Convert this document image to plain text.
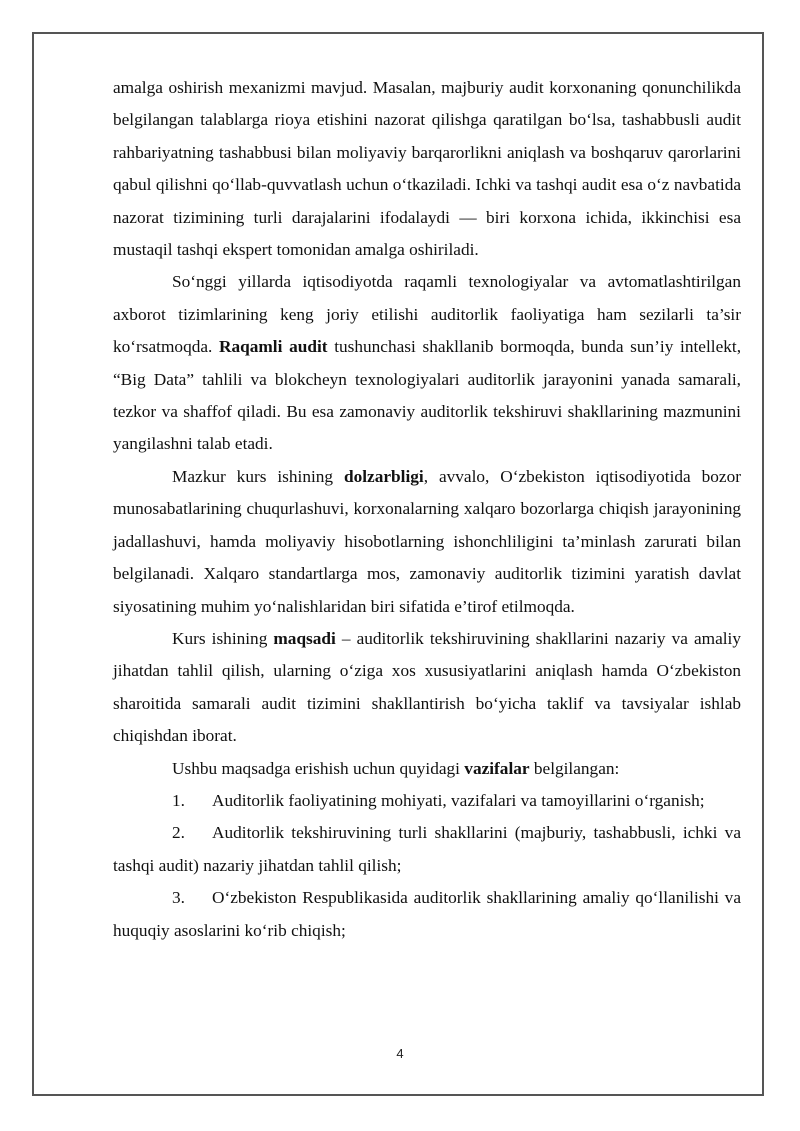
amalga oshirish mexanizmi mavjud. Masalan, majburiy audit korxonaning qonunchilikda belgilangan talablarga rioya etishini nazorat qilishga qaratilgan bo‘lsa, tashabbusli audit rahbariyatning tashabbusi bilan moliyaviy barqarorlikni aniqlash va boshqaruv qarorlarini qabul qilishni qo‘llab-quvvatlash uchun o‘tkaziladi. Ichki va tashqi audit esa o‘z navbatida nazorat tizimining turli darajalarini ifodalaydi — biri korxona ichida, ikkinchisi esa mustaqil tashqi ekspert tomonidan amalga oshiriladi.

So‘nggi yillarda iqtisodiyotda raqamli texnologiyalar va avtomatlashtirilgan axborot tizimlarining keng joriy etilishi auditorlik faoliyatiga ham sezilarli ta’sir ko‘rsatmoqda. Raqamli audit tushunchasi shakllanib bormoqda, bunda sun’iy intellekt, “Big Data” tahlili va blokcheyn texnologiyalari auditorlik jarayonini yanada samarali, tezkor va shaffof qiladi. Bu esa zamonaviy auditorlik tekshiruvi shakllarining mazmunini yangilashni talab etadi.

Mazkur kurs ishining dolzarbligi, avvalo, O‘zbekiston iqtisodiyotida bozor munosabatlarining chuqurlashuvi, korxonalarning xalqaro bozorlarga chiqish jarayonining jadallashuvi, hamda moliyaviy hisobotlarning ishonchliligini ta’minlash zarurati bilan belgilanadi. Xalqaro standartlarga mos, zamonaviy auditorlik tizimini yaratish davlat siyosatining muhim yo‘nalishlaridan biri sifatida e’tirof etilmoqda.

Kurs ishining maqsadi – auditorlik tekshiruvining shakllarini nazariy va amaliy jihatdan tahlil qilish, ularning o‘ziga xos xususiyatlarini aniqlash hamda O‘zbekiston sharoitida samarali audit tizimini shakllantirish bo‘yicha taklif va tavsiyalar ishlab chiqishdan iborat.

Ushbu maqsadga erishish uchun quyidagi vazifalar belgilangan:

1. Auditorlik faoliyatining mohiyati, vazifalari va tamoyillarini o‘rganish;

2. Auditorlik tekshiruvining turli shakllarini (majburiy, tashabbusli, ichki va tashqi audit) nazariy jihatdan tahlil qilish;

3. O‘zbekiston Respublikasida auditorlik shakllarining amaliy qo‘llanilishi va huquqiy asoslarini ko‘rib chiqish;

4
